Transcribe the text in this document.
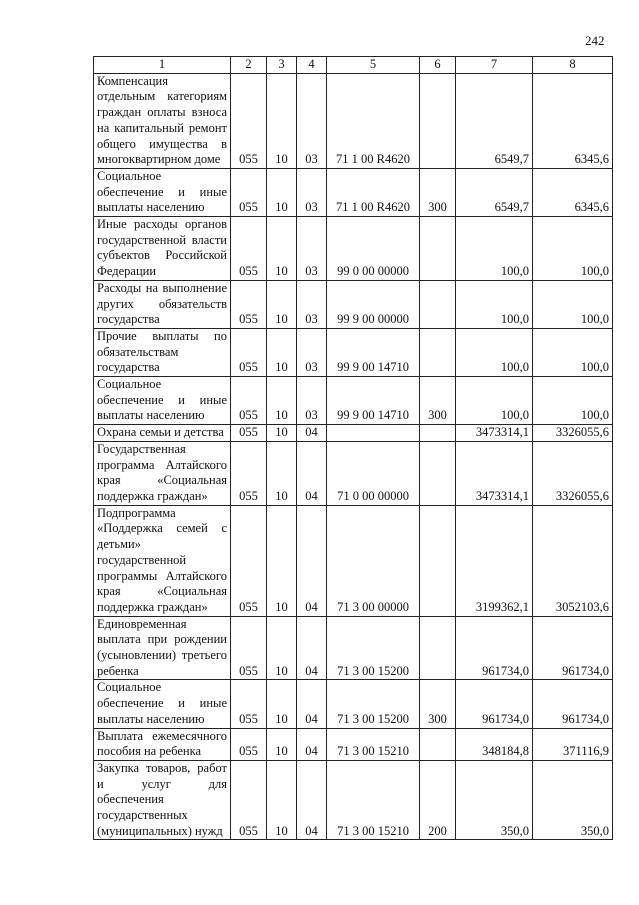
242
1	2	3	4	5	6	7	8
Компенсация отдельным категориям граждан оплаты взноса на капитальный ремонт общего имущества в многоквартирном доме	055	10	03	71 1 00 R4620		6549,7	6345,6
Социальное обеспечение и иные выплаты населению	055	10	03	71 1 00 R4620	300	6549,7	6345,6
Иные расходы органов государственной власти субъектов Российской Федерации	055	10	03	99 0 00 00000		100,0	100,0
Расходы на выполнение других обязательств государства	055	10	03	99 9 00 00000		100,0	100,0
Прочие выплаты по обязательствам государства	055	10	03	99 9 00 14710		100,0	100,0
Социальное обеспечение и иные выплаты населению	055	10	03	99 9 00 14710	300	100,0	100,0
Охрана семьи и детства	055	10	04			3473314,1	3326055,6
Государственная программа Алтайского края «Социальная поддержка граждан»	055	10	04	71 0 00 00000		3473314,1	3326055,6
Подпрограмма «Поддержка семей с детьми» государственной программы Алтайского края «Социальная поддержка граждан»	055	10	04	71 3 00 00000		3199362,1	3052103,6
Единовременная выплата при рождении (усыновлении) третьего ребенка	055	10	04	71 3 00 15200		961734,0	961734,0
Социальное обеспечение и иные выплаты населению	055	10	04	71 3 00 15200	300	961734,0	961734,0
Выплата ежемесячного пособия на ребенка	055	10	04	71 3 00 15210		348184,8	371116,9
Закупка товаров, работ и услуг для обеспечения государственных (муниципальных) нужд	055	10	04	71 3 00 15210	200	350,0	350,0
